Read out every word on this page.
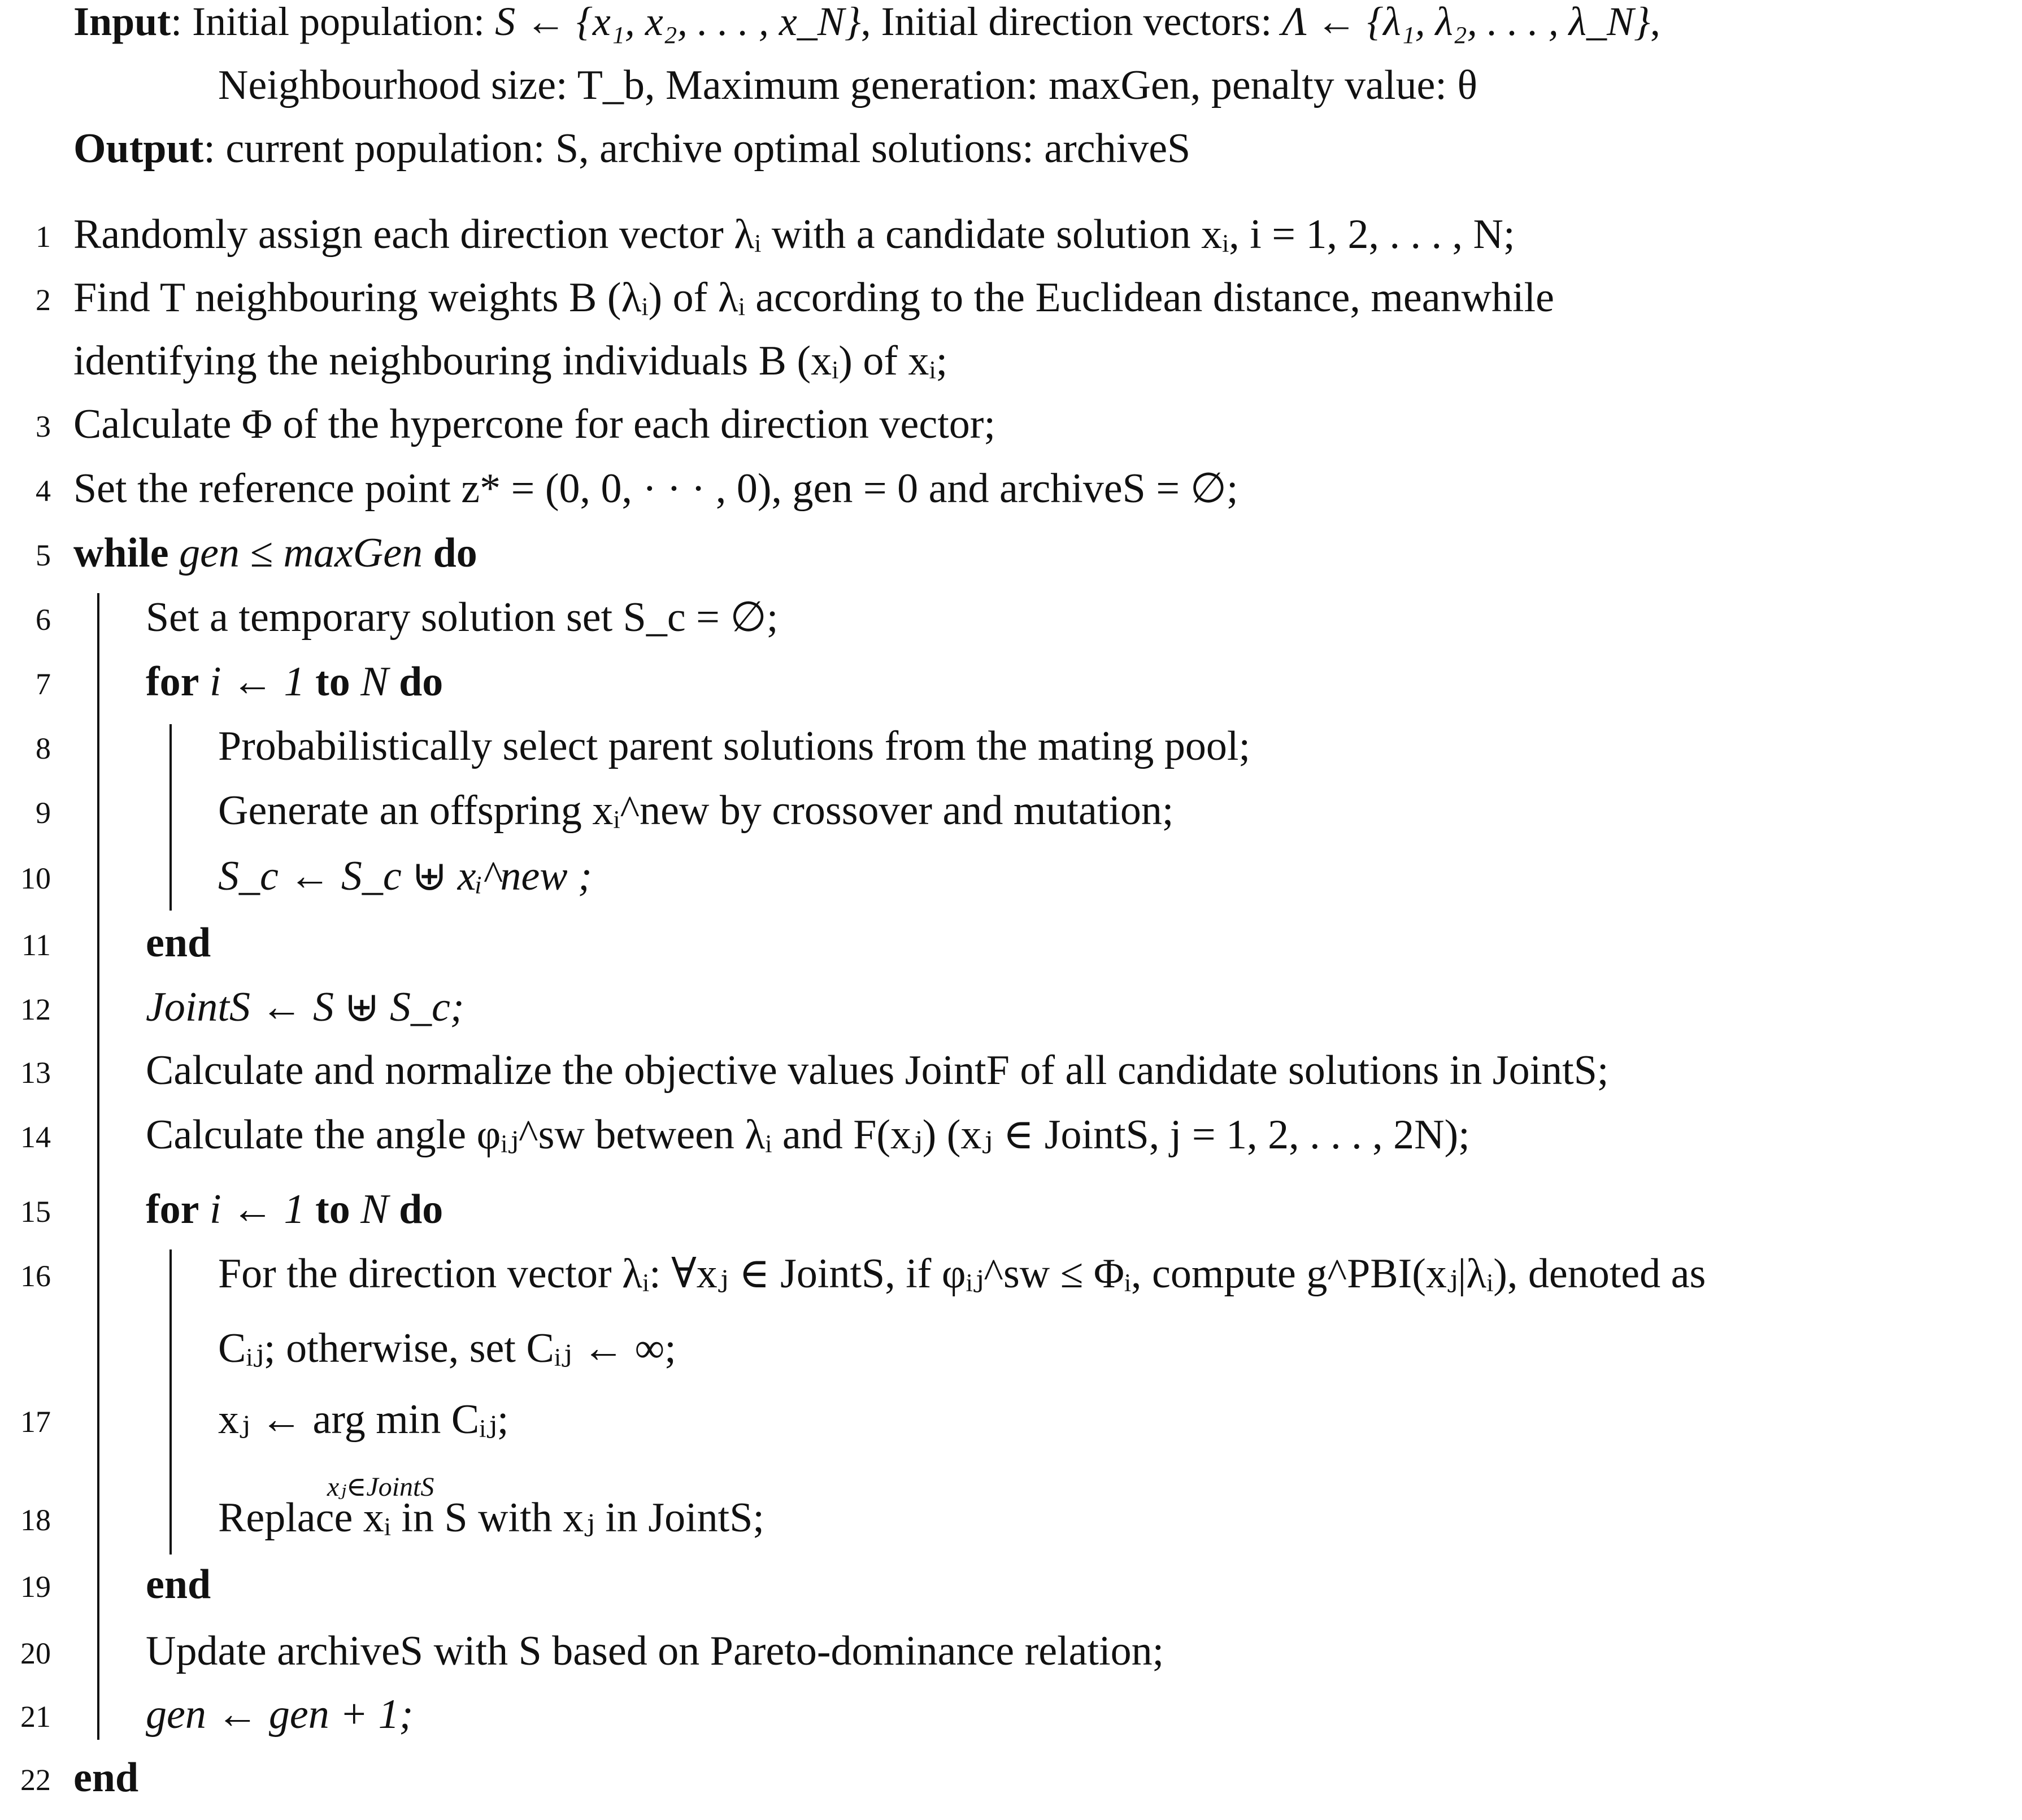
Input: Initial population: S ← {x₁, x₂, . . . , x_N}, Initial direction vectors: Λ ← {λ₁, λ₂, . . . , λ_N},
Neighbourhood size: T_b, Maximum generation: maxGen, penalty value: θ
Output: current population: S, archive optimal solutions: archiveS
1 Randomly assign each direction vector λᵢ with a candidate solution xᵢ, i = 1, 2, . . . , N;
2 Find T neighbouring weights B (λᵢ) of λᵢ according to the Euclidean distance, meanwhile
identifying the neighbouring individuals B (xᵢ) of xᵢ;
3 Calculate Φ of the hypercone for each direction vector;
4 Set the reference point z* = (0, 0, · · · , 0), gen = 0 and archiveS = ∅;
5 while gen ≤ maxGen do
6 Set a temporary solution set S_c = ∅;
7 for i ← 1 to N do
8	Probabilistically select parent solutions from the mating pool;
9	Generate an offspring xᵢ^new by crossover and mutation;
10	S_c ← S_c ⊎ xᵢ^new ;
11 end
12 JointS ← S ⊎ S_c;
13 Calculate and normalize the objective values JointF of all candidate solutions in JointS;
14 Calculate the angle φᵢⱼ^sw between λᵢ and F(xⱼ) (xⱼ ∈ JointS, j = 1, 2, . . . , 2N);
15 for i ← 1 to N do
16	For the direction vector λᵢ: ∀xⱼ ∈ JointS, if φᵢⱼ^sw ≤ Φᵢ, compute g^PBI(xⱼ|λᵢ), denoted as
Cᵢⱼ; otherwise, set Cᵢⱼ ← ∞;
17	xⱼ ← arg min Cᵢⱼ;
xⱼ∈JointS
18	Replace xᵢ in S with xⱼ in JointS;
19 end
20 Update archiveS with S based on Pareto-dominance relation;
21 gen ← gen + 1;
22 end
